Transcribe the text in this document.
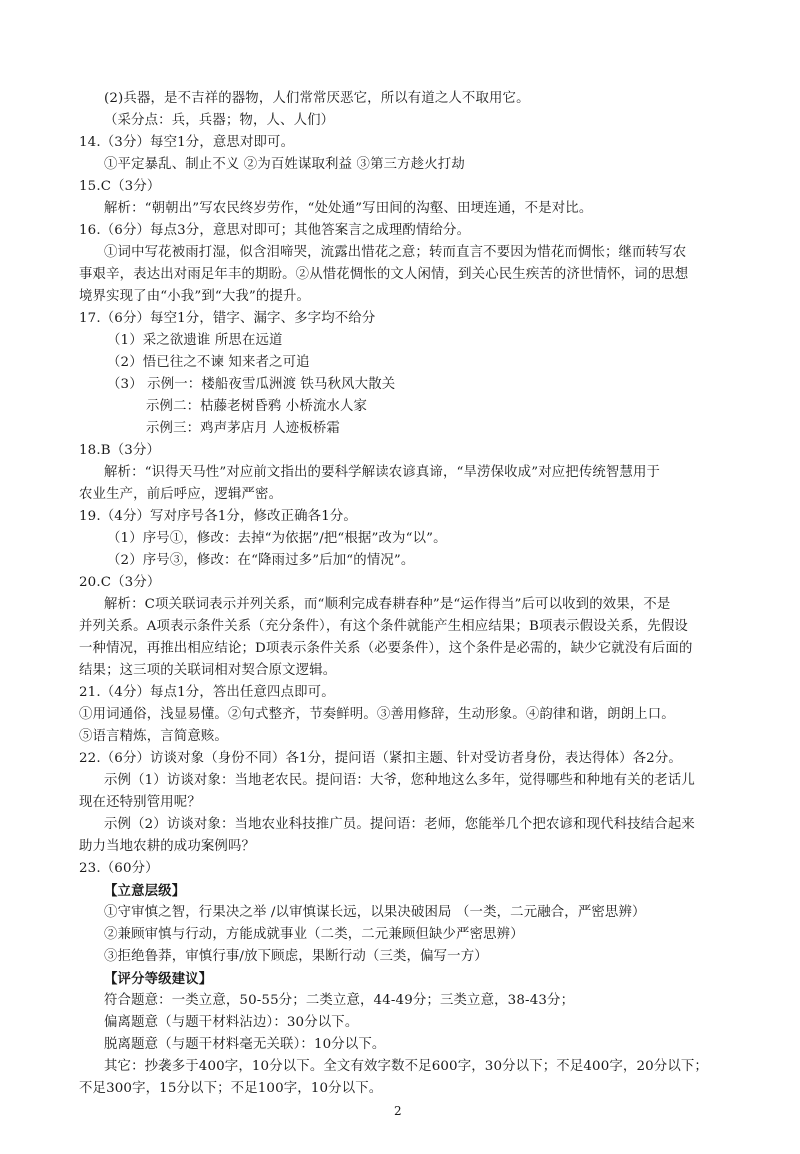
(2)兵器，是不吉祥的器物，人们常常厌恶它，所以有道之人不取用它。
（采分点：兵，兵器；物，人、人们）
14.（3分）每空1分，意思对即可。
①平定暴乱、制止不义 ②为百姓谋取利益 ③第三方趁火打劫
15.C（3分）
解析：“朝朝出”写农民终岁劳作，“处处通”写田间的沟壑、田埂连通，不是对比。
16.（6分）每点3分，意思对即可；其他答案言之成理酌情给分。
①词中写花被雨打湿，似含泪啼哭，流露出惜花之意；转而直言不要因为惜花而惆怅；继而转写农
事艰辛，表达出对雨足年丰的期盼。②从惜花惆怅的文人闲情，到关心民生疾苦的济世情怀，词的思想
境界实现了由“小我”到“大我”的提升。
17.（6分）每空1分，错字、漏字、多字均不给分
（1）采之欲遗谁 所思在远道
（2）悟已往之不谏 知来者之可追
（3） 示例一：楼船夜雪瓜洲渡 铁马秋风大散关
示例二：枯藤老树昏鸦 小桥流水人家
示例三：鸡声茅店月 人迹板桥霜
18.B（3分）
解析：“识得天马性”对应前文指出的要科学解读农谚真谛，“旱涝保收成”对应把传统智慧用于
农业生产，前后呼应，逻辑严密。
19.（4分）写对序号各1分，修改正确各1分。
（1）序号①，修改：去掉“为依据”/把“根据”改为“以”。
（2）序号③，修改：在“降雨过多”后加“的情况”。
20.C（3分）
解析：C项关联词表示并列关系，而“顺利完成春耕春种”是“运作得当”后可以收到的效果，不是
并列关系。A项表示条件关系（充分条件），有这个条件就能产生相应结果；B项表示假设关系，先假设
一种情况，再推出相应结论；D项表示条件关系（必要条件），这个条件是必需的，缺少它就没有后面的
结果；这三项的关联词相对契合原文逻辑。
21.（4分）每点1分，答出任意四点即可。
①用词通俗，浅显易懂。②句式整齐，节奏鲜明。③善用修辞，生动形象。④韵律和谐，朗朗上口。
⑤语言精炼，言简意赅。
22.（6分）访谈对象（身份不同）各1分，提问语（紧扣主题、针对受访者身份，表达得体）各2分。
示例（1）访谈对象：当地老农民。提问语：大爷，您种地这么多年，觉得哪些和种地有关的老话儿
现在还特别管用呢？
示例（2）访谈对象：当地农业科技推广员。提问语：老师，您能举几个把农谚和现代科技结合起来
助力当地农耕的成功案例吗？
23.（60分）
【立意层级】
①守审慎之智，行果决之举 /以审慎谋长远，以果决破困局 （一类，二元融合，严密思辨）
②兼顾审慎与行动，方能成就事业（二类，二元兼顾但缺少严密思辨）
③拒绝鲁莽，审慎行事/放下顾虑，果断行动（三类，偏写一方）
【评分等级建议】
符合题意：一类立意，50-55分；二类立意，44-49分；三类立意，38-43分；
偏离题意（与题干材料沾边）：30分以下。
脱离题意（与题干材料毫无关联）：10分以下。
其它：抄袭多于400字，10分以下。全文有效字数不足600字，30分以下；不足400字，20分以下；
不足300字，15分以下；不足100字，10分以下。
2
